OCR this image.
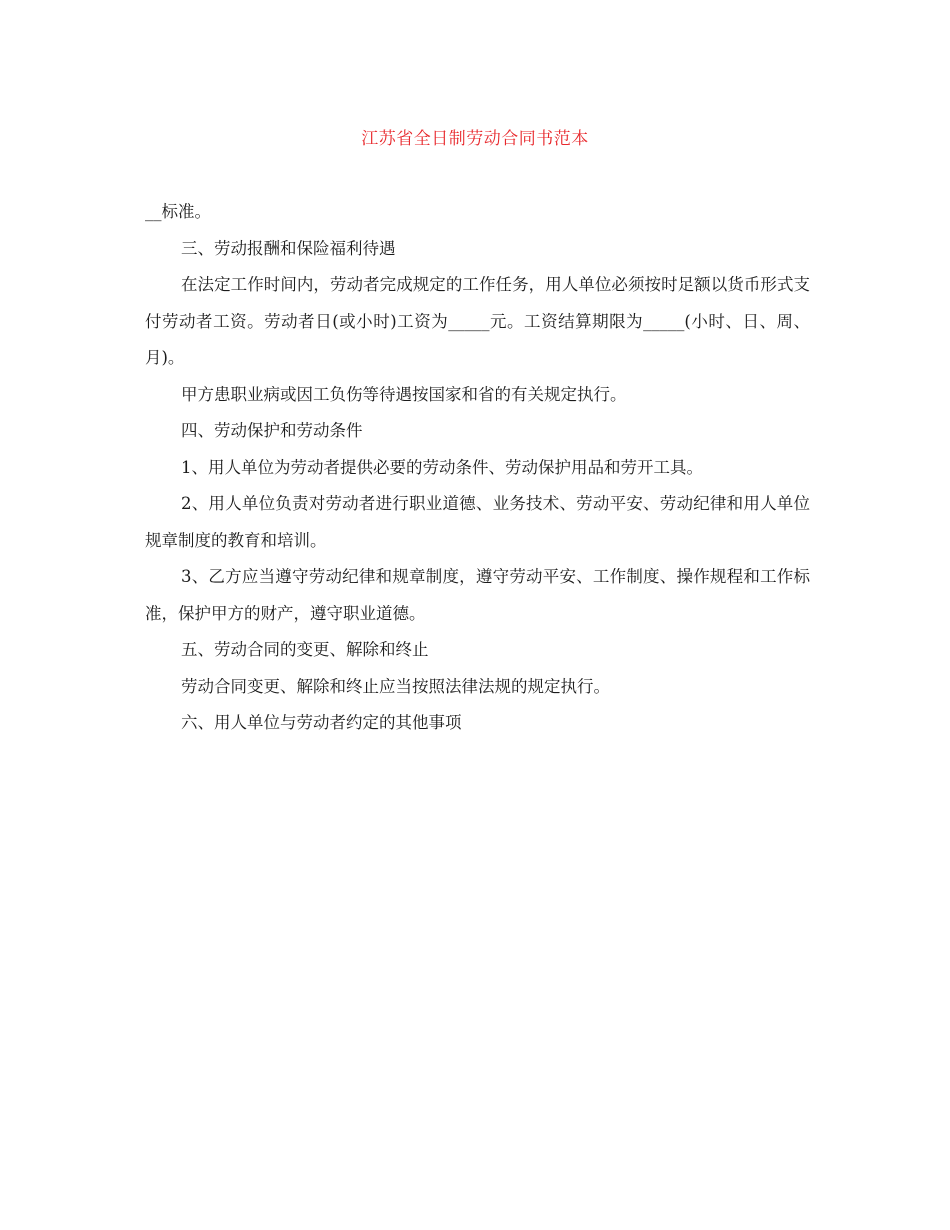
江苏省全日制劳动合同书范本

__标准。

三、劳动报酬和保险福利待遇

在法定工作时间内，劳动者完成规定的工作任务，用人单位必须按时足额以货币形式支付劳动者工资。劳动者日(或小时)工资为_____元。工资结算期限为_____(小时、日、周、月)。

甲方患职业病或因工负伤等待遇按国家和省的有关规定执行。

四、劳动保护和劳动条件

1、用人单位为劳动者提供必要的劳动条件、劳动保护用品和劳开工具。

2、用人单位负责对劳动者进行职业道德、业务技术、劳动平安、劳动纪律和用人单位规章制度的教育和培训。

3、乙方应当遵守劳动纪律和规章制度，遵守劳动平安、工作制度、操作规程和工作标准，保护甲方的财产，遵守职业道德。

五、劳动合同的变更、解除和终止

劳动合同变更、解除和终止应当按照法律法规的规定执行。

六、用人单位与劳动者约定的其他事项
